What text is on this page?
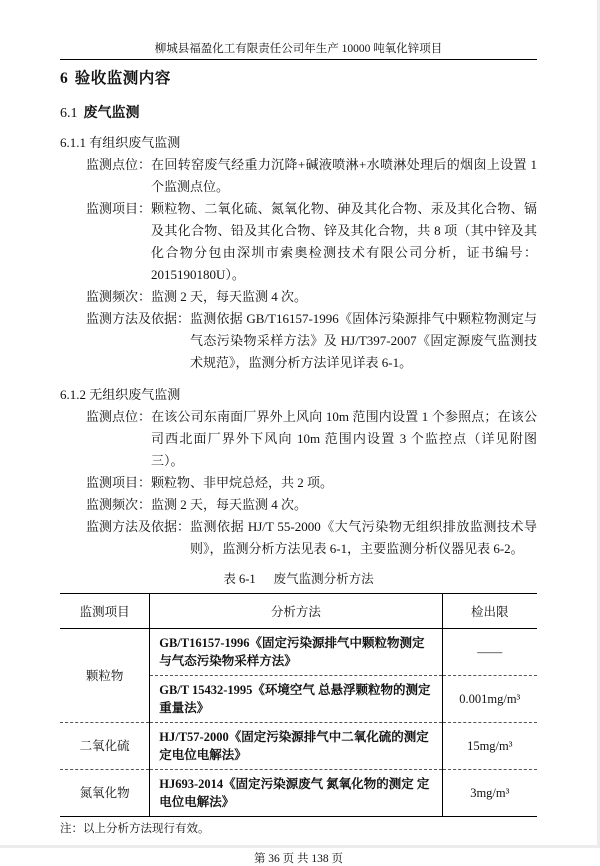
柳城县福盈化工有限责任公司年生产 10000 吨氧化锌项目
6 验收监测内容
6.1 废气监测
6.1.1 有组织废气监测
监测点位： 在回转窑废气经重力沉降+碱液喷淋+水喷淋处理后的烟囱上设置 1 个监测点位。
监测项目： 颗粒物、二氧化硫、氮氧化物、砷及其化合物、汞及其化合物、镉及其化合物、铅及其化合物、锌及其化合物，共 8 项（其中锌及其化合物分包由深圳市索奥检测技术有限公司分析，证书编号：2015190180U）。
监测频次： 监测 2 天，每天监测 4 次。
监测方法及依据： 监测依据 GB/T16157-1996《固体污染源排气中颗粒物测定与气态污染物采样方法》及 HJ/T397-2007《固定源废气监测技术规范》，监测分析方法详见详表 6-1。
6.1.2 无组织废气监测
监测点位： 在该公司东南面厂界外上风向 10m 范围内设置 1 个参照点；在该公司西北面厂界外下风向 10m 范围内设置 3 个监控点（详见附图三）。
监测项目： 颗粒物、非甲烷总烃，共 2 项。
监测频次： 监测 2 天，每天监测 4 次。
监测方法及依据： 监测依据 HJ/T 55-2000《大气污染物无组织排放监测技术导则》，监测分析方法见表 6-1，主要监测分析仪器见表 6-2。
表 6-1 废气监测分析方法
监测项目	分析方法	检出限
颗粒物	GB/T16157-1996《固定污染源排气中颗粒物测定与气态污染物采样方法》	——
	GB/T 15432-1995《环境空气 总悬浮颗粒物的测定 重量法》	0.001mg/m³
二氧化硫	HJ/T57-2000《固定污染源排气中二氧化硫的测定 定电位电解法》	15mg/m³
氮氧化物	HJ693-2014《固定污染源废气 氮氧化物的测定 定电位电解法》	3mg/m³
注：以上分析方法现行有效。
第 36 页 共 138 页
